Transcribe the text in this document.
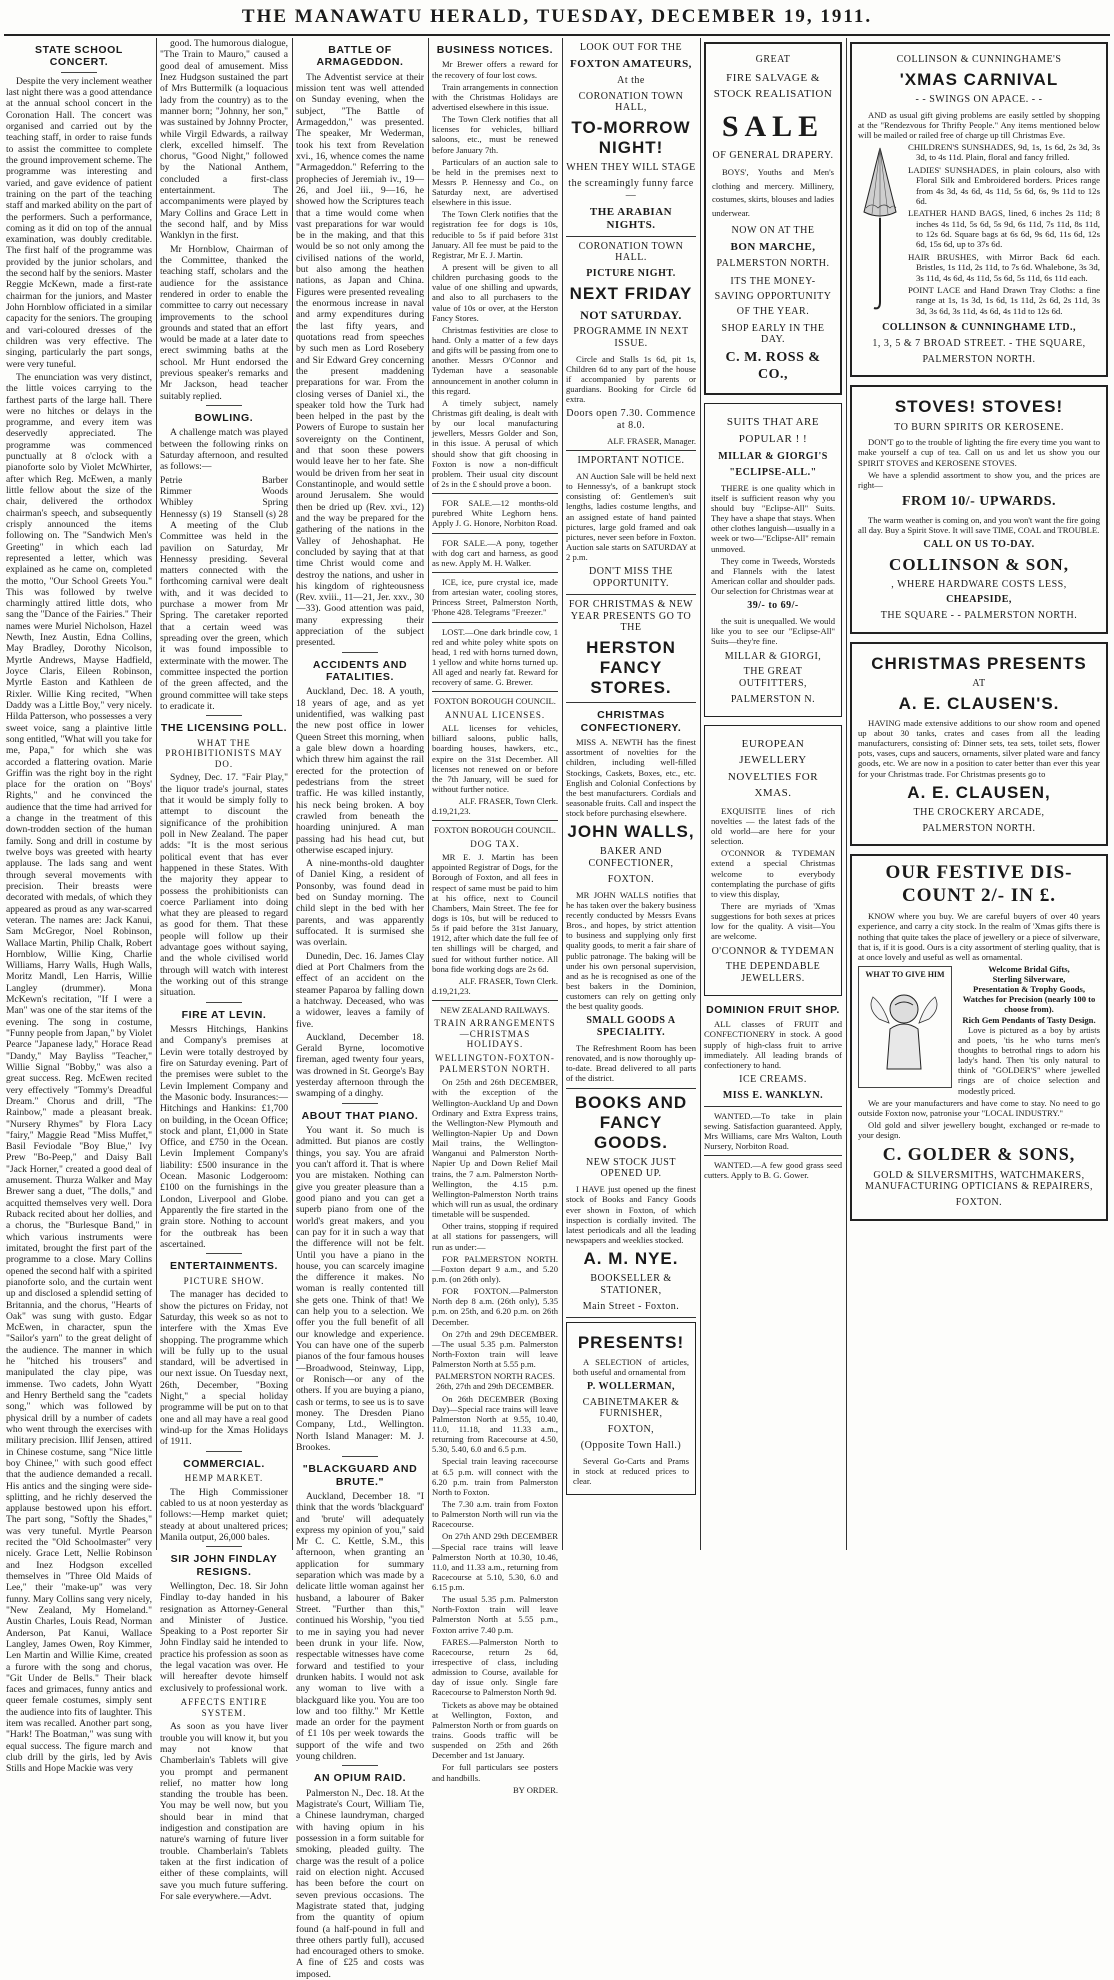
THE MANAWATU HERALD, TUESDAY, DECEMBER 19, 1911.
STATE SCHOOL CONCERT.

Despite the very inclement weather last night there was a good attendance at the annual school concert in the Coronation Hall. The concert was organised and carried out by the teaching staff, in order to raise funds to assist the committee to complete the ground improvement scheme. The programme was interesting and varied, and gave evidence of patient training on the part of the teaching staff and marked ability on the part of the performers. Such a performance, coming as it did on top of the annual examination, was doubly creditable. The first half of the programme was provided by the junior scholars, and the second half by the seniors. Master Reggie McKewn, made a first-rate chairman for the juniors, and Master John Hornblow officiated in a similar capacity for the seniors. The grouping and vari-coloured dresses of the children was very effective. The singing, particularly the part songs, were very tuneful.

The enunciation was very distinct, the little voices carrying to the farthest parts of the large hall. There were no hitches or delays in the programme, and every item was deservedly appreciated. The programme was commenced punctually at 8 o'clock with a pianoforte solo by Violet McWhirter, after which Reg. McEwen, a manly little fellow about the size of the chair, delivered the orthodox chairman's speech, and subsequently crisply announced the items following on. The "Sandwich Men's Greeting" in which each lad represented a letter, which was explained as he came on, completed the motto, "Our School Greets You." This was followed by twelve charmingly attired little dots, who sang the "Dance of the Fairies." Their names were Muriel Nicholson, Hazel Newth, Inez Austin, Edna Collins, May Bradley, Dorothy Nicolson, Myrtle Andrews, Mayse Hadfield, Joyce Claris, Eileen Robinson, Myrtle Easton and Kathleen de Rixler. Willie King recited, "When Daddy was a Little Boy," very nicely. Hilda Patterson, who possesses a very sweet voice, sang a plaintive little song entitled, "What will you take for me, Papa," for which she was accorded a flattering ovation. Marie Griffin was the right boy in the right place for the oration on "Boys' Rights," and he convinced the audience that the time had arrived for a change in the treatment of this down-trodden section of the human family. Song and drill in costume by twelve boys was greeted with hearty applause. The lads sang and went through several movements with precision. Their breasts were decorated with medals, of which they appeared as proud as any war-scarred veteran. The names are: Jack Kanui, Sam McGregor, Noel Robinson, Wallace Martin, Philip Chalk, Robert Hornblow, Willie King, Charlie Williams, Harry Walls, Hugh Walls, Moritz Mandl, Len Harris, Willie Langley (drummer). Mona McKewn's recitation, "If I were a Man" was one of the star items of the evening. The song in costume, "Funny people from Japan," by Violet Pearce "Japanese lady," Horace Read "Dandy," May Bayliss "Teacher," Willie Signal "Bobby," was also a great success. Reg. McEwen recited very effectively "Tommy's Dreadful Dream." Chorus and drill, "The Rainbow," made a pleasant break. "Nursery Rhymes" by Flora Lacy "fairy," Maggie Read "Miss Muffet," Basil Feviodale "Boy Blue," Ivy Prew "Bo-Peep," and Daisy Ball "Jack Horner," created a good deal of amusement. Thurza Walker and May Brewer sang a duet, "The dolls," and acquitted themselves very well. Dora Ruback recited about her dollies, and a chorus, the "Burlesque Band," in which various instruments were imitated, brought the first part of the programme to a close. Mary Collins opened the second half with a spirited pianoforte solo, and the curtain went up and disclosed a splendid setting of Britannia, and the chorus, "Hearts of Oak" was sung with gusto. Edgar McEwen, in character, spun the "Sailor's yarn" to the great delight of the audience. The manner in which he "hitched his trousers" and manipulated the clay pipe, was immense. Two cadets, John Wyatt and Henry Bertheld sang the "cadets song," which was followed by physical drill by a number of cadets who went through the exercises with military precision. Illif Jensen, attired in Chinese costume, sang "Nice little boy Chinee," with such good effect that the audience demanded a recall. His antics and the singing were side-splitting, and he richly deserved the applause bestowed upon his effort. The part song, "Softly the Shades," was very tuneful. Myrtle Pearson recited the "Old Schoolmaster" very nicely. Grace Lett, Nellie Robinson and Inez Hodgson excelled themselves in "Three Old Maids of Lee," their "make-up" was very funny. Mary Collins sang very nicely, "New Zealand, My Homeland." Austin Charles, Louis Read, Norman Anderson, Pat Kanui, Wallace Langley, James Owen, Roy Kimmer, Len Martin and Willie Kime, created a furore with the song and chorus, "Git Under de Bells." Their black faces and grimaces, funny antics and queer female costumes, simply sent the audience into fits of laughter. This item was recalled. Another part song, "Hark! The Boatman," was sung with equal success. The figure march and club drill by the girls, led by Avis Stills and Hope Mackie was very

good. The humorous dialogue, "The Train to Mauro," caused a good deal of amusement. Miss Inez Hudgson sustained the part of Mrs Buttermilk (a loquacious lady from the country) as to the manner born; "Johnny, her son," was sustained by Johnny Procter, while Virgil Edwards, a railway clerk, excelled himself. The chorus, "Good Night," followed by the National Anthem, concluded a first-class entertainment. The accompaniments were played by Mary Collins and Grace Lett in the second half, and by Miss Wanklyn in the first.

Mr Hornblow, Chairman of the Committee, thanked the teaching staff, scholars and the audience for the assistance rendered in order to enable the committee to carry out necessary improvements to the school grounds and stated that an effort would be made at a later date to erect swimming baths at the school. Mr Hunt endorsed the previous speaker's remarks and Mr Jackson, head teacher suitably replied.

BOWLING.

A challenge match was played between the following rinks on Saturday afternoon, and resulted as follows:—

Petrie	Barber
Rimmer	Woods
Whibley	Spring
Hennessy (s) 19 Stansell (s) 28

A meeting of the Club Committee was held in the pavilion on Saturday, Mr Hennessy presiding. Several matters connected with the forthcoming carnival were dealt with, and it was decided to purchase a mower from Mr Spring. The caretaker reported that a certain weed was spreading over the green, which it was found impossible to exterminate with the mower. The committee inspected the portion of the green affected, and the ground committee will take steps to eradicate it.

THE LICENSING POLL.
WHAT THE PROHIBITIONISTS MAY DO.

Sydney, Dec. 17. "Fair Play," the liquor trade's journal, states that it would be simply folly to attempt to discount the significance of the prohibition poll in New Zealand. The paper adds: "It is the most serious political event that has ever happened in these States. With the majority they appear to possess the prohibitionists can coerce Parliament into doing what they are pleased to regard as good for them. That these people will follow up their advantage goes without saying, and the whole civilised world through will watch with interest the working out of this strange situation.

FIRE AT LEVIN.

Messrs Hitchings, Hankins and Company's premises at Levin were totally destroyed by fire on Saturday evening. Part of the premises were sublet to the Levin Implement Company and the Masonic body. Insurances:— Hitchings and Hankins: £1,700 on building, in the Ocean Office; stock and plant, £1,000 in State Office, and £750 in the Ocean. Levin Implement Company's liability: £500 insurance in the Ocean. Masonic Lodgeroom: £100 on the furnishings in the London, Liverpool and Globe. Apparently the fire started in the grain store. Nothing to account for the outbreak has been ascertained.

ENTERTAINMENTS.
PICTURE SHOW.

The manager has decided to show the pictures on Friday, not Saturday, this week so as not to interfere with the Xmas Eve shopping. The programme which will be fully up to the usual standard, will be advertised in our next issue. On Tuesday next, 26th, December, "Boxing Night," a special holiday programme will be put on to that one and all may have a real good wind-up for the Xmas Holidays of 1911.

COMMERCIAL.
HEMP MARKET.

The High Commissioner cabled to us at noon yesterday as follows:—Hemp market quiet; steady at about unaltered prices; Manila output, 26,000 bales.

SIR JOHN FINDLAY RESIGNS.

Wellington, Dec. 18. Sir John Findlay to-day handed in his resignation as Attorney-General and Minister of Justice. Speaking to a Post reporter Sir John Findlay said he intended to practice his profession as soon as the legal vacation was over. He will hereafter devote himself exclusively to professional work.

AFFECTS ENTIRE SYSTEM.

As soon as you have liver trouble you will know it, but you may not know that Chamberlain's Tablets will give you prompt and permanent relief, no matter how long standing the trouble has been. You may be well now, but you should bear in mind that indigestion and constipation are nature's warning of future liver trouble. Chamberlain's Tablets taken at the first indication of either of these complaints, will save you much future suffering. For sale everywhere.—Advt.

BATTLE OF ARMAGEDDON.

The Adventist service at their mission tent was well attended on Sunday evening, when the subject, "The Battle of Armageddon," was presented. The speaker, Mr Wederman, took his text from Revelation xvi., 16, whence comes the name "Armageddon." Referring to the prophecies of Jeremiah iv., 19—26, and Joel iii., 9—16, he showed how the Scriptures teach that a time would come when vast preparations for war would be in the making, and that this would be so not only among the civilised nations of the world, but also among the heathen nations, as Japan and China. Figures were presented revealing the enormous increase in naval and army expenditures during the last fifty years, and quotations read from speeches by such men as Lord Rosebery and Sir Edward Grey concerning the present maddening preparations for war. From the closing verses of Daniel xi., the speaker told how the Turk had been helped in the past by the Powers of Europe to sustain her sovereignty on the Continent, and that soon these powers would leave her to her fate. She would be driven from her seat in Constantinople, and would settle around Jerusalem. She would then be dried up (Rev. xvi., 12) and the way be prepared for the gathering of the nations in the Valley of Jehoshaphat. He concluded by saying that at that time Christ would come and destroy the nations, and usher in his kingdom of righteousness (Rev. xviii., 11—21, Jer. xxv., 30—33). Good attention was paid, many expressing their appreciation of the subject presented.

ACCIDENTS AND FATALITIES.

Auckland, Dec. 18. A youth, 18 years of age, and as yet unidentified, was walking past the new post office in lower Queen Street this morning, when a gale blew down a hoarding which threw him against the rail erected for the protection of pedestrians from the street traffic. He was killed instantly, his neck being broken. A boy crawled from beneath the hoarding uninjured. A man passing had his head cut, but otherwise escaped injury.

A nine-months-old daughter of Daniel King, a resident of Ponsonby, was found dead in bed on Sunday morning. The child slept in the bed with her parents, and was apparently suffocated. It is surmised she was overlain.

Dunedin, Dec. 16. James Clay died at Port Chalmers from the effect of an accident on the steamer Paparoa by falling down a hatchway. Deceased, who was a widower, leaves a family of five.

Auckland, December 18. Gerald Byrne, locomotive fireman, aged twenty four years, was drowned in St. George's Bay yesterday afternoon through the swamping of a dinghy.

ABOUT THAT PIANO.

You want it. So much is admitted. But pianos are costly things, you say. You are afraid you can't afford it. That is where you are mistaken. Nothing can give you greater pleasure than a good piano and you can get a superb piano from one of the world's great makers, and you can pay for it in such a way that the difference will not be felt. Until you have a piano in the house, you can scarcely imagine the difference it makes. No woman is really contented till she gets one. Think of that! We can help you to a selection. We offer you the full benefit of all our knowledge and experience. You can have one of the superb pianos of the four famous houses—Broadwood, Steinway, Lipp, or Ronisch—or any of the others. If you are buying a piano, cash or terms, to see us is to save money. The Dresden Piano Company, Ltd., Wellington. North Island Manager: M. J. Brookes.

"BLACKGUARD AND BRUTE."

Auckland, December 18. "I think that the words 'blackguard' and 'brute' will adequately express my opinion of you," said Mr C. C. Kettle, S.M., this afternoon, when granting an application for summary separation which was made by a delicate little woman against her husband, a labourer of Baker Street. "Further than this," continued his Worship, "you tied to me in saying you had never been drunk in your life. Now, respectable witnesses have come forward and testified to your drunken habits. I would not ask any woman to live with a blackguard like you. You are too low and too filthy." Mr Kettle made an order for the payment of £1 10s per week towards the support of the wife and two young children.

AN OPIUM RAID.

Palmerston N., Dec. 18. At the Magistrate's Court, William Tie, a Chinese laundryman, charged with having opium in his possession in a form suitable for smoking, pleaded guilty. The charge was the result of a police raid on election night. Accused has been before the court on seven previous occasions. The Magistrate stated that, judging from the quantity of opium found (a half-pound in full and three others partly full), accused had encouraged others to smoke. A fine of £25 and costs was imposed.

BUSINESS NOTICES.

Mr Brewer offers a reward for the recovery of four lost cows.

Train arrangements in connection with the Christmas Holidays are advertised elsewhere in this issue.

The Town Clerk notifies that all licenses for vehicles, billiard saloons, etc., must be renewed before January 7th.

Particulars of an auction sale to be held in the premises next to Messrs P. Hennessy and Co., on Saturday next, are advertised elsewhere in this issue.

The Town Clerk notifies that the registration fee for dogs is 10s, reducible to 5s if paid before 31st January. All fee must be paid to the Registrar, Mr E. J. Martin.

A present will be given to all children purchasing goods to the value of one shilling and upwards, and also to all purchasers to the value of 10s or over, at the Herston Fancy Stores.

Christmas festivities are close to hand. Only a matter of a few days and gifts will be passing from one to another. Messrs O'Connor and Tydeman have a seasonable announcement in another column in this regard.

A timely subject, namely Christmas gift dealing, is dealt with by our local manufacturing jewellers, Messrs Golder and Son, in this issue. A perusal of which should show that gift choosing in Foxton is now a non-difficult problem. Their usual city discount of 2s in the £ should prove a boon.

FOR SALE.—12 months-old purebred White Leghorn hens. Apply J. G. Honore, Norbiton Road.

FOR SALE.—A pony, together with dog cart and harness, as good as new. Apply M. H. Walker.

ICE, ice, pure crystal ice, made from artesian water, cooling stores, Princess Street, Palmerston North, 'Phone 428. Telegrams "Freezer."

LOST.—One dark brindle cow, 1 red and white poley white spots on head, 1 red with horns turned down, 1 yellow and white horns turned up. All aged and nearly fat. Reward for recovery of same. G. Brewer.

FOXTON BOROUGH COUNCIL.
ANNUAL LICENSES.

ALL licenses for vehicles, billiard saloons, public halls, boarding houses, hawkers, etc., expire on the 31st December. All licenses not renewed on or before the 7th January, will be sued for without further notice.

ALF. FRASER, Town Clerk.
d.19,21,23.
FOXTON BOROUGH COUNCIL.
DOG TAX.

MR E. J. Martin has been appointed Registrar of Dogs, for the Borough of Foxton, and all fees in respect of same must be paid to him at his office, next to Council Chambers, Main Street. The fee for dogs is 10s, but will be reduced to 5s if paid before the 31st January, 1912, after which date the full fee of ten shillings will be charged, and sued for without further notice. All bona fide working dogs are 2s 6d.

ALF. FRASER, Town Clerk.
d.19,21,23.
NEW ZEALAND RAILWAYS.
TRAIN ARRANGEMENTS—CHRISTMAS HOLIDAYS.
WELLINGTON-FOXTON-PALMERSTON NORTH.

On 25th and 26th DECEMBER, with the exception of the Wellington-Auckland Up and Down Ordinary and Extra Express trains, the Wellington-New Plymouth and Wellington-Napier Up and Down Mail trains, the Wellington-Wanganui and Palmerston North-Napier Up and Down Relief Mail trains, the 7 a.m. Palmerston North-Wellington, the 4.15 p.m. Wellington-Palmerston North trains which will run as usual, the ordinary timetable will be suspended.

Other trains, stopping if required at all stations for passengers, will run as under:—

FOR PALMERSTON NORTH.—Foxton depart 9 a.m., and 5.20 p.m. (on 26th only).

FOR FOXTON.—Palmerston North dep 8 a.m. (26th only), 5.35 p.m. on 25th, and 6.20 p.m. on 26th December.

On 27th and 29th DECEMBER.—The usual 5.35 p.m. Palmerston North-Foxton train will leave Palmerston North at 5.55 p.m.

PALMERSTON NORTH RACES. 26th, 27th and 29th DECEMBER.

On 26th DECEMBER (Boxing Day)—Special race trains will leave Palmerston North at 9.55, 10.40, 11.0, 11.18, and 11.33 a.m., returning from Racecourse at 4.50, 5.30, 5.40, 6.0 and 6.5 p.m.

Special train leaving racecourse at 6.5 p.m. will connect with the 6.20 p.m. train from Palmerston North to Foxton.

The 7.30 a.m. train from Foxton to Palmerston North will run via the Racecourse.

On 27th AND 29th DECEMBER—Special race trains will leave Palmerston North at 10.30, 10.46, 11.0, and 11.33 a.m., returning from Racecourse at 5.10, 5.30, 6.0 and 6.15 p.m.

The usual 5.35 p.m. Palmerston North-Foxton train will leave Palmerston North at 5.55 p.m., Foxton arrive 7.40 p.m.

FARES.—Palmerston North to Racecourse, return 2s 6d, irrespective of class, including admission to Course, available for day of issue only. Single fare Racecourse to Palmerston North 9d.

Tickets as above may be obtained at Wellington, Foxton, and Palmerston North or from guards on trains. Goods traffic will be suspended on 25th and 26th December and 1st January.

For full particulars see posters and handbills.

BY ORDER.
LOOK OUT FOR THE
FOXTON AMATEURS,
At the
CORONATION TOWN HALL,
TO-MORROW NIGHT!
WHEN THEY WILL STAGE
the screamingly funny farce—
THE ARABIAN NIGHTS.
CORONATION TOWN HALL.
PICTURE NIGHT.
NEXT FRIDAY
NOT SATURDAY.
PROGRAMME IN NEXT ISSUE.

Circle and Stalls 1s 6d, pit 1s, Children 6d to any part of the house if accompanied by parents or guardians. Booking for Circle 6d extra.

Doors open 7.30. Commence at 8.0.
ALF. FRASER, Manager.
IMPORTANT NOTICE.

AN Auction Sale will be held next to Hennessy's, of a bankrupt stock consisting of: Gentlemen's suit lengths, ladies costume lengths, and an assigned estate of hand painted pictures, large gold framed and oak pictures, never seen before in Foxton. Auction sale starts on SATURDAY at 2 p.m.

DON'T MISS THE OPPORTUNITY.
FOR CHRISTMAS & NEW YEAR PRESENTS GO TO THE
HERSTON FANCY STORES.
CHRISTMAS CONFECTIONERY.

MISS A. NEWTH has the finest assortment of novelties for the children, including well-filled Stockings, Caskets, Boxes, etc., etc. English and Colonial Confections by the best manufacturers. Cordials and seasonable fruits. Call and inspect the stock before purchasing elsewhere.

JOHN WALLS,
BAKER AND CONFECTIONER,
FOXTON.

MR JOHN WALLS notifies that he has taken over the bakery business recently conducted by Messrs Evans Bros., and hopes, by strict attention to business and supplying only first quality goods, to merit a fair share of public patronage. The baking will be under his own personal supervision, and as he is recognised as one of the best bakers in the Dominion, customers can rely on getting only the best quality goods.

SMALL GOODS A SPECIALITY.

The Refreshment Room has been renovated, and is now thoroughly up-to-date. Bread delivered to all parts of the district.

BOOKS AND FANCY GOODS.
NEW STOCK JUST OPENED UP.

I HAVE just opened up the finest stock of Books and Fancy Goods ever shown in Foxton, of which inspection is cordially invited. The latest periodicals and all the leading newspapers and weeklies stocked.

A. M. NYE.
BOOKSELLER & STATIONER,
Main Street - Foxton.
PRESENTS!

A SELECTION of articles, both useful and ornamental from

P. WOLLERMAN,
CABINETMAKER & FURNISHER,
FOXTON,
(Opposite Town Hall.)

Several Go-Carts and Prams in stock at reduced prices to clear.

GREAT
FIRE SALVAGE & STOCK REALISATION
SALE
OF GENERAL DRAPERY.

BOYS', Youths and Men's clothing and mercery. Millinery, costumes, skirts, blouses and ladies underwear.

NOW ON AT THE
BON MARCHE,
PALMERSTON NORTH.
ITS THE MONEY-SAVING OPPORTUNITY OF THE YEAR.
SHOP EARLY IN THE DAY.
C. M. ROSS & CO.,
SUITS THAT ARE POPULAR ! !
MILLAR & GIORGI'S
"ECLIPSE-ALL."

THERE is one quality which in itself is sufficient reason why you should buy "Eclipse-All" Suits. They have a shape that stays. When other clothes languish—usually in a week or two—"Eclipse-All" remain unmoved.

They come in Tweeds, Worsteds and Flannels with the latest American collar and shoulder pads. Our selection for Christmas wear at

39/- to 69/-

the suit is unequalled. We would like you to see our "Eclipse-All" Suits—they're fine.

MILLAR & GIORGI,
THE GREAT OUTFITTERS,
PALMERSTON N.
EUROPEAN JEWELLERY NOVELTIES FOR XMAS.

EXQUISITE lines of rich novelties — the latest fads of the old world—are here for your selection.

O'CONNOR & TYDEMAN extend a special Christmas welcome to everybody contemplating the purchase of gifts to view this display,

There are myriads of 'Xmas suggestions for both sexes at prices low for the quality. A visit—You are welcome.

O'CONNOR & TYDEMAN
THE DEPENDABLE JEWELLERS.
DOMINION FRUIT SHOP.

ALL classes of FRUIT and CONFECTIONERY in stock. A good supply of high-class fruit to arrive immediately. All leading brands of confectionery to hand.

ICE CREAMS.
MISS E. WANKLYN.

WANTED.—To take in plain sewing. Satisfaction guaranteed. Apply, Mrs Williams, care Mrs Walton, Louth Nursery, Norbiton Road.

WANTED.—A few good grass seed cutters. Apply to B. G. Gower.

COLLINSON & CUNNINGHAME'S
'XMAS CARNIVAL
- - SWINGS ON APACE. - -

AND as usual gift giving problems are easily settled by shopping at the "Rendezvous for Thrifty People." Any items mentioned below will be mailed or railed free of charge up till Christmas Eve.

CHILDREN'S SUNSHADES, 9d, 1s, 1s 6d, 2s 3d, 3s 3d, to 4s 11d. Plain, floral and fancy frilled.

LADIES' SUNSHADES, in plain colours, also with Floral Silk and Embroidered borders. Prices range from 4s 3d, 4s 6d, 4s 11d, 5s 6d, 6s, 9s 11d to 12s 6d.

LEATHER HAND BAGS, lined, 6 inches 2s 11d; 8 inches 4s 11d, 5s 6d, 5s 9d, 6s 11d, 7s 11d, 8s 11d, to 12s 6d. Square bags at 6s 6d, 9s 6d, 11s 6d, 12s 6d, 15s 6d, up to 37s 6d.

HAIR BRUSHES, with Mirror Back 6d each. Bristles, 1s 11d, 2s 11d, to 7s 6d. Whalebone, 3s 3d, 3s 11d, 4s 6d, 4s 11d, 5s 6d, 5s 11d, 6s 11d each.

POINT LACE and Hand Drawn Tray Cloths: a fine range at 1s, 1s 3d, 1s 6d, 1s 11d, 2s 6d, 2s 11d, 3s 3d, 3s 6d, 3s 11d, 4s 6d, 4s 11d to 12s 6d.

COLLINSON & CUNNINGHAME LTD.,
1, 3, 5 & 7 BROAD STREET. - THE SQUARE,
PALMERSTON NORTH.
STOVES! STOVES!
TO BURN SPIRITS OR KEROSENE.

DON'T go to the trouble of lighting the fire every time you want to make yourself a cup of tea. Call on us and let us show you our SPIRIT STOVES and KEROSENE STOVES.

We have a splendid assortment to show you, and the prices are right—

FROM 10/- UPWARDS.

The warm weather is coming on, and you won't want the fire going all day. Buy a Spirit Stove. It will save TIME, COAL and TROUBLE.

CALL ON US TO-DAY.
COLLINSON & SON,
, WHERE HARDWARE COSTS LESS,
CHEAPSIDE,
THE SQUARE - - PALMERSTON NORTH.
CHRISTMAS PRESENTS
AT
A. E. CLAUSEN'S.

HAVING made extensive additions to our show room and opened up about 30 tanks, crates and cases from all the leading manufacturers, consisting of: Dinner sets, tea sets, toilet sets, flower pots, vases, cups and saucers, ornaments, silver plated ware and fancy goods, etc. We are now in a position to cater better than ever this year for your Christmas trade. For Christmas presents go to

A. E. CLAUSEN,
THE CROCKERY ARCADE,
PALMERSTON NORTH.
OUR FESTIVE DIS-
COUNT 2/- IN £.

KNOW where you buy. We are careful buyers of over 40 years experience, and carry a city stock. In the realm of 'Xmas gifts there is nothing that quite takes the place of jewellery or a piece of silverware, that is, if it is good. Ours is a city assortment of sterling quality, that is at once lovely and useful as well as ornamental.

WHAT TO GIVE HIM
Welcome Bridal Gifts,
Sterling Silverware,
Presentation & Trophy Goods,
Watches for Precision (nearly 100 to choose from).
Rich Gem Pendants of Tasty Design.

Love is pictured as a boy by artists and poets, 'tis he who turns men's thoughts to betrothal rings to adorn his lady's hand. Then 'tis only natural to think of "GOLDER'S" where jewelled rings are of choice selection and modestly priced.

We are your manufacturers and have come to stay. No need to go outside Foxton now, patronise your "LOCAL INDUSTRY."

Old gold and silver jewellery bought, exchanged or re-made to your design.

C. GOLDER & SONS,
GOLD & SILVERSMITHS, WATCHMAKERS, MANUFACTURING OPTICIANS & REPAIRERS,
FOXTON.
